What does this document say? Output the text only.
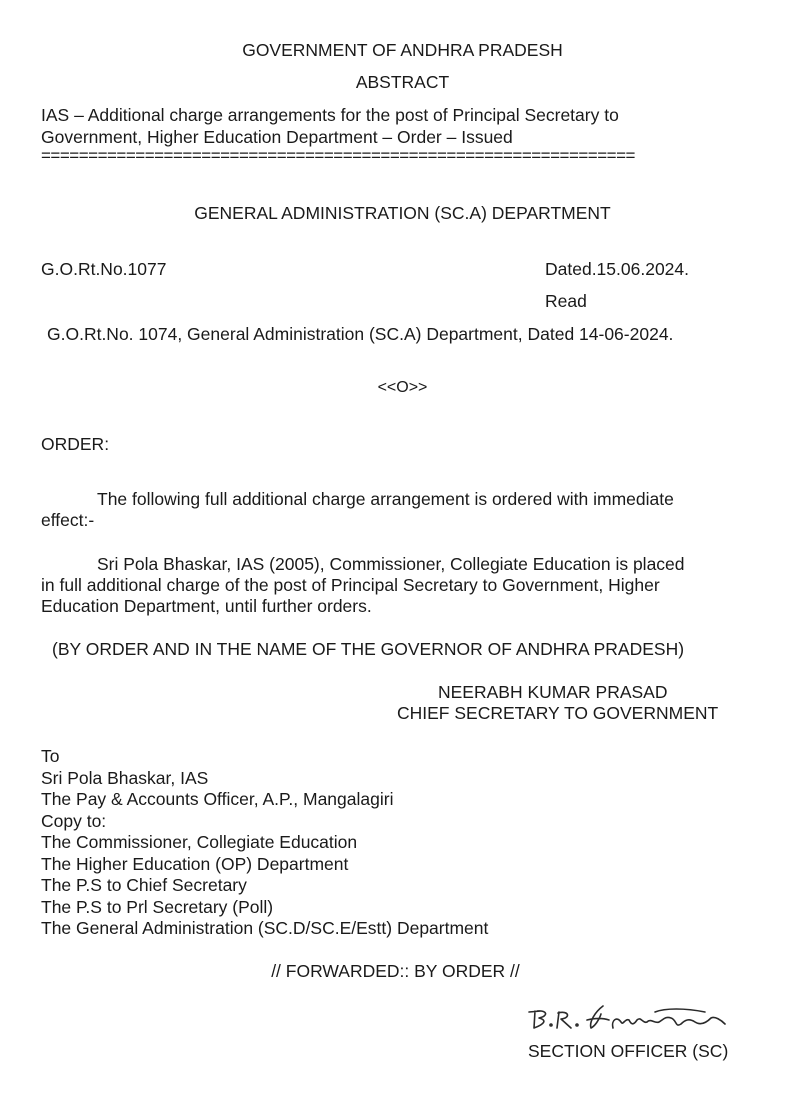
GOVERNMENT OF ANDHRA PRADESH
ABSTRACT
IAS – Additional charge arrangements for the post of Principal Secretary to
Government, Higher Education Department – Order – Issued
===============================================================
GENERAL ADMINISTRATION (SC.A) DEPARTMENT
G.O.Rt.No.1077	Dated.15.06.2024.
Read
G.O.Rt.No. 1074, General Administration (SC.A) Department, Dated 14-06-2024.
<<O>>
ORDER:
The following full additional charge arrangement is ordered with immediate
effect:-
Sri Pola Bhaskar, IAS (2005), Commissioner, Collegiate Education is placed
in full additional charge of the post of Principal Secretary to Government, Higher
Education Department, until further orders.
(BY ORDER AND IN THE NAME OF THE GOVERNOR OF ANDHRA PRADESH)
NEERABH KUMAR PRASAD
CHIEF SECRETARY TO GOVERNMENT
To
Sri Pola Bhaskar, IAS
The Pay & Accounts Officer, A.P., Mangalagiri
Copy to:
The Commissioner, Collegiate Education
The Higher Education (OP) Department
The P.S to Chief Secretary
The P.S to Prl Secretary (Poll)
The General Administration (SC.D/SC.E/Estt) Department
// FORWARDED:: BY ORDER //
SECTION OFFICER (SC)
